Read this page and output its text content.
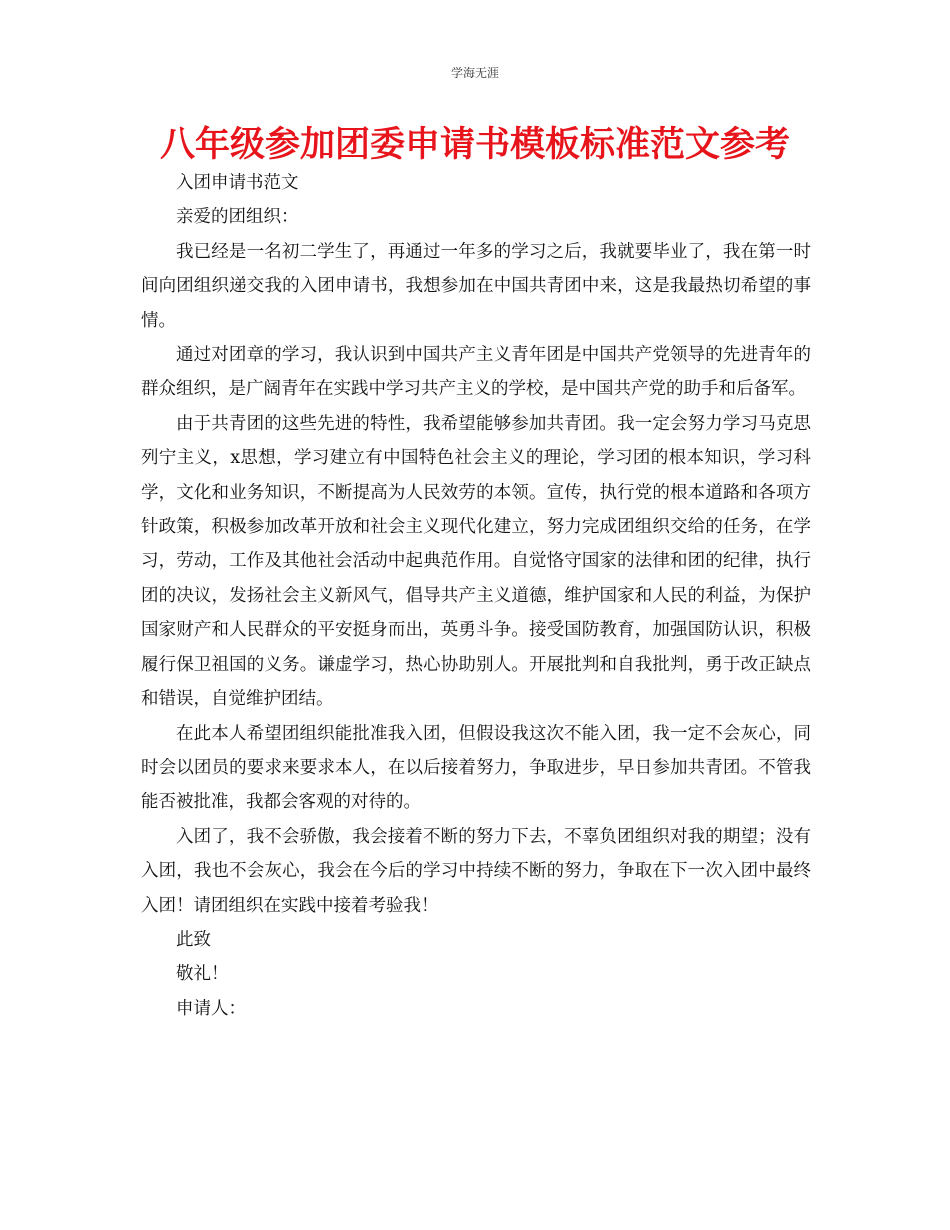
学海无涯
八年级参加团委申请书模板标准范文参考

入团申请书范文

亲爱的团组织：

我已经是一名初二学生了，再通过一年多的学习之后，我就要毕业了，我在第一时间向团组织递交我的入团申请书，我想参加在中国共青团中来，这是我最热切希望的事情。

通过对团章的学习，我认识到中国共产主义青年团是中国共产党领导的先进青年的群众组织，是广阔青年在实践中学习共产主义的学校，是中国共产党的助手和后备军。

由于共青团的这些先进的特性，我希望能够参加共青团。我一定会努力学习马克思列宁主义，x思想，学习建立有中国特色社会主义的理论，学习团的根本知识，学习科学，文化和业务知识，不断提高为人民效劳的本领。宣传，执行党的根本道路和各项方针政策，积极参加改革开放和社会主义现代化建立，努力完成团组织交给的任务，在学习，劳动，工作及其他社会活动中起典范作用。自觉恪守国家的法律和团的纪律，执行团的决议，发扬社会主义新风气，倡导共产主义道德，维护国家和人民的利益，为保护国家财产和人民群众的平安挺身而出，英勇斗争。接受国防教育，加强国防认识，积极履行保卫祖国的义务。谦虚学习，热心协助别人。开展批判和自我批判，勇于改正缺点和错误，自觉维护团结。

在此本人希望团组织能批准我入团，但假设我这次不能入团，我一定不会灰心，同时会以团员的要求来要求本人，在以后接着努力，争取进步，早日参加共青团。不管我能否被批准，我都会客观的对待的。

入团了，我不会骄傲，我会接着不断的努力下去，不辜负团组织对我的期望；没有入团，我也不会灰心，我会在今后的学习中持续不断的努力，争取在下一次入团中最终入团！请团组织在实践中接着考验我！

此致

敬礼！

申请人：
